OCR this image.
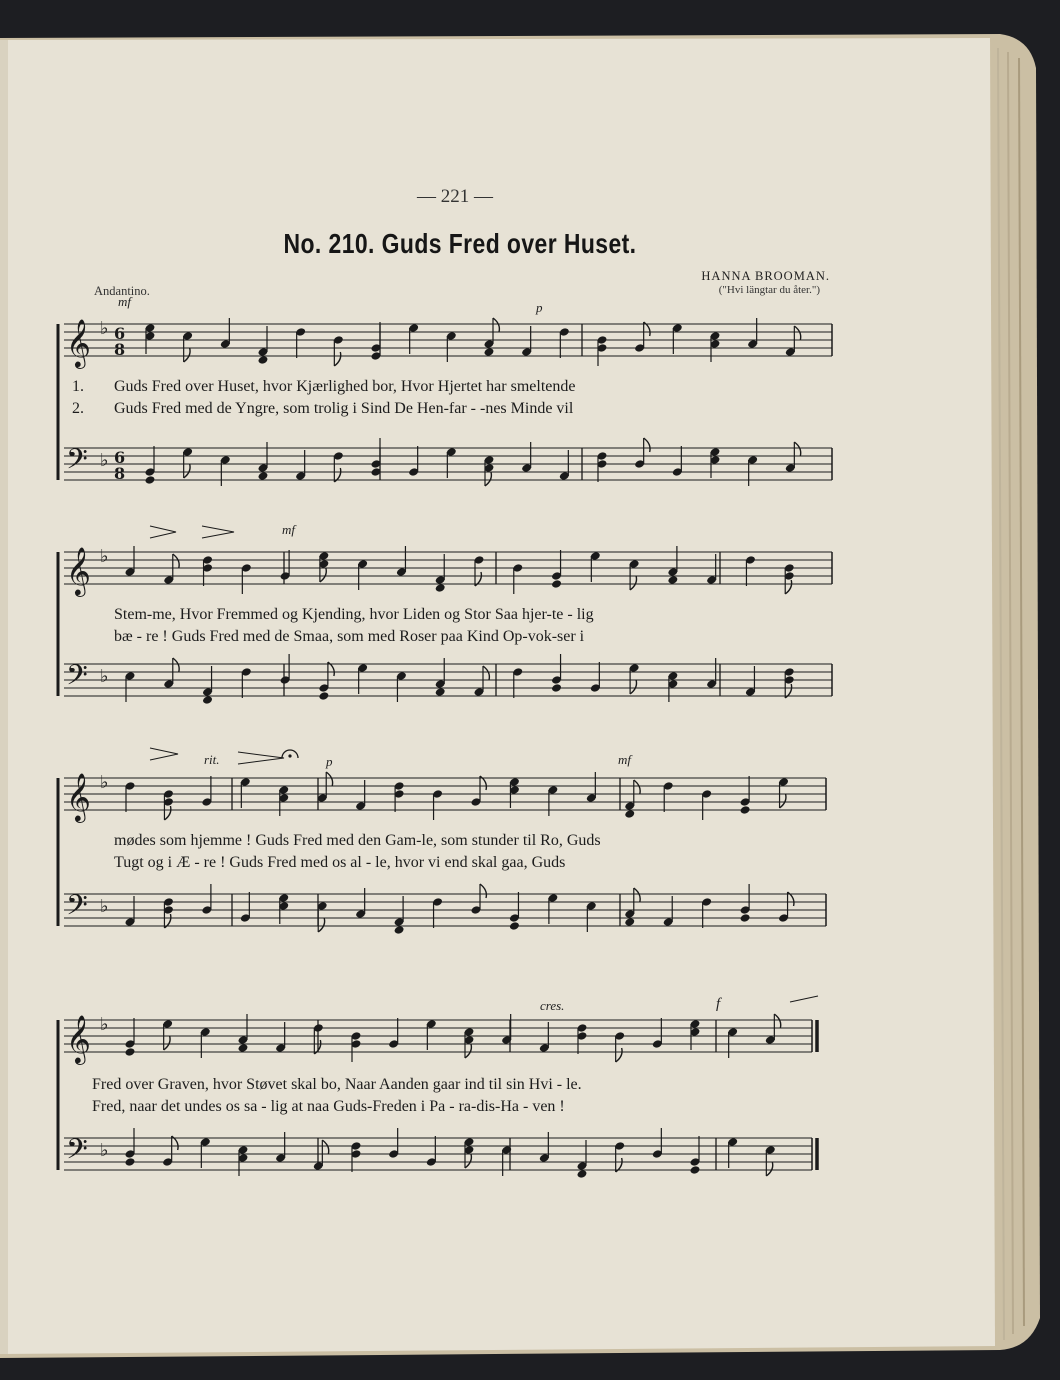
— 221 —
No. 210. Guds Fred over Huset.
HANNA BROOMAN.
("Hvi längtar du åter.")
Andantino.
𝄞 ♭ 6
8
𝄢 ♭ 6
8
𝄞 ♭
𝄢 ♭
𝄞 ♭
𝄢 ♭
𝄞 ♭
𝄢 ♭
mf	p
mf
rit.	p	mf
cres.	f
1. Guds Fred over Huset, hvor Kjærlighed bor, Hvor Hjertet har smeltende
2. Guds Fred med de Yngre, som trolig i Sind De Hen-far - -nes Minde vil
Stem-me, Hvor Fremmed og Kjending, hvor Liden og Stor Saa hjer-te - lig
bæ - re ! Guds Fred med de Smaa, som med Roser paa Kind Op-vok-ser i
mødes som hjemme ! Guds Fred med den Gam-le, som stunder til Ro, Guds
Tugt og i Æ - re ! Guds Fred med os al - le, hvor vi end skal gaa, Guds
Fred over Graven, hvor Støvet skal bo, Naar Aanden gaar ind til sin Hvi - le.
Fred, naar det undes os sa - lig at naa Guds-Freden i Pa - ra-dis-Ha - ven !
